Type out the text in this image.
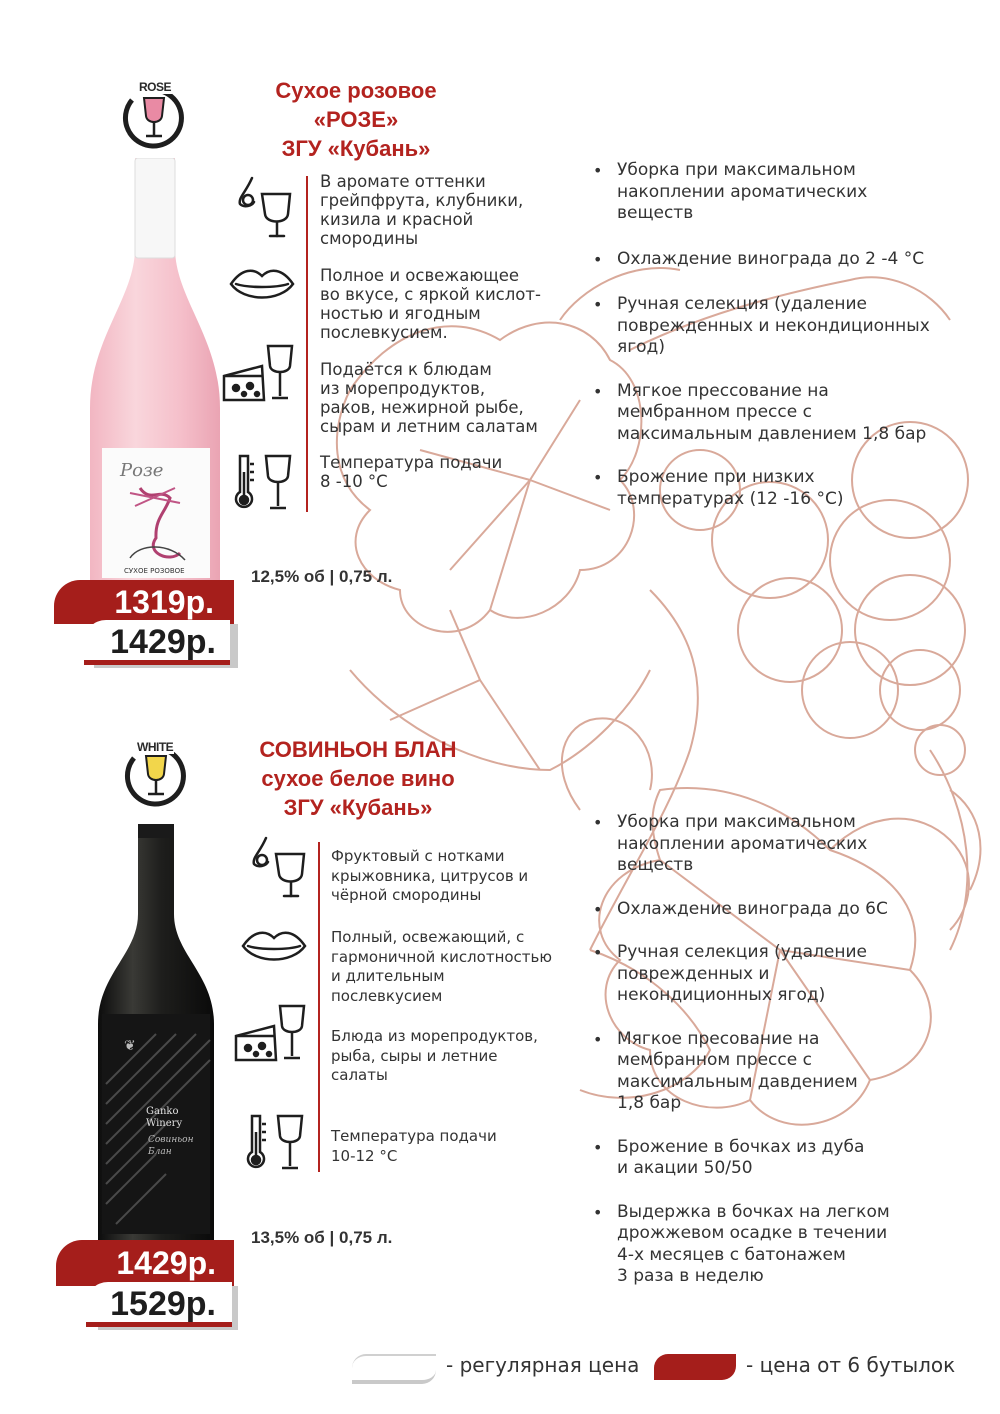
ROSE	Сухое розовое
«РОЗЕ»
ЗГУ «Кубань»
Розе
СУХОЕ РОЗОВОЕ
В аромате оттенки
грейпфрута, клубники,
кизила и красной
смородины
Полное и освежающее
во вкусе, с яркой кислот-
ностью и ягодным
послевкусием.
Подаётся к блюдам
из морепродуктов,
раков, нежирной рыбе,
сырам и летним салатам
Температура подачи
8 -10 °С
12,5% об | 0,75 л.
1319р.
1429р.
• Уборка при максимальном
накоплении ароматических
веществ
• Охлаждение винограда до 2 -4 °С
• Ручная селекция (удаление
поврежденных и некондиционных
ягод)
• Мягкое прессование на
мембранном прессе с
максимальным давлением 1,8 бар
• Брожение при низких
температурах (12 -16 °С)
WHITE	СОВИНЬОН БЛАН
сухое белое вино
ЗГУ «Кубань»
❦
Ganko
Winery
Совиньон
Блан
Фруктовый с нотками
крыжовника, цитрусов и
чёрной смородины
Полный, освежающий, с
гармоничной кислотностью
и длительным
послевкусием
Блюда из морепродуктов,
рыба, сыры и летние
салаты
Температура подачи
10-12 °С
13,5% об | 0,75 л.
1429р.
1529р.
• Уборка при максимальном
накоплении ароматических
веществ
• Охлаждение винограда до 6С
• Ручная селекция (удаление
поврежденных и
некондиционных ягод)
• Мягкое пресование на
мембранном прессе с
максимальным давдением
1,8 бар
• Брожение в бочках из дуба
и акации 50/50
• Выдержка в бочках на легком
дрожжевом осадке в течении
4-х месяцев с батонажем
3 раза в неделю
- регулярная цена	- цена от 6 бутылок
